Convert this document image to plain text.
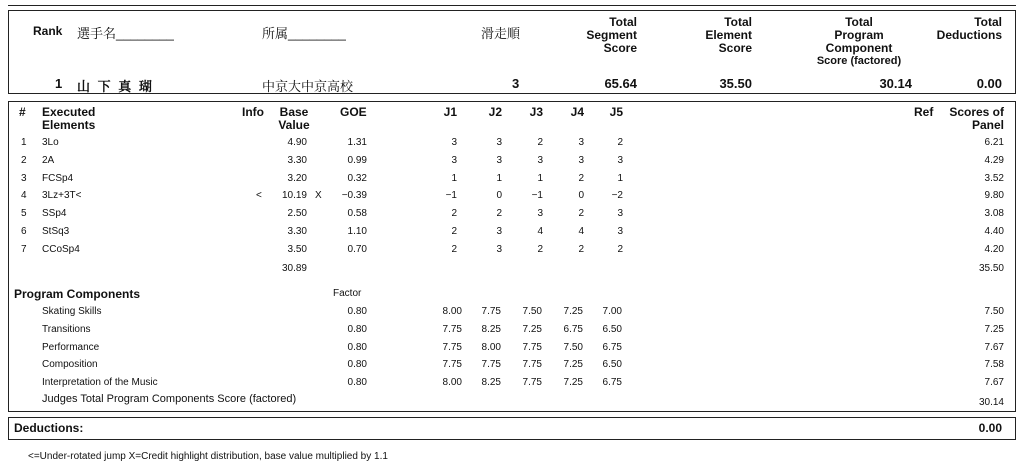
Rank 選手名________	所属________	滑走順
Total
Segment
Score
Total
Element
Score
Total
Program
Component
Score (factored)
Total
Deductions
1 山 下 真 瑚	中京大中京高校	3	65.64	35.50	30.14	0.00
# Executed
Elements
Info	Base
Value
GOE	J1	J2	J3	J4	J5	Ref	Scores of
Panel
1 3Lo	4.90	1.31	3	3	2	3	2	6.21
2 2A	3.30	0.99	3	3	3	3	3	4.29
3 FCSp4	3.20	0.32	1	1	1	2	1	3.52
4 3Lz+3T<	<	10.19 X	−0.39	−1	0	−1	0	−2	9.80
5 SSp4	2.50	0.58	2	2	3	2	3	3.08
6 StSq3	3.30	1.10	2	3	4	4	3	4.40
7 CCoSp4	3.50	0.70	2	3	2	2	2	4.20
30.89	35.50
Program Components	Factor
Skating Skills	0.80	8.00	7.75	7.50	7.25	7.00	7.50
Transitions	0.80	7.75	8.25	7.25	6.75	6.50	7.25
Performance	0.80	7.75	8.00	7.75	7.50	6.75	7.67
Composition	0.80	7.75	7.75	7.75	7.25	6.50	7.58
Interpretation of the Music	0.80	8.00	8.25	7.75	7.25	6.75	7.67
Judges Total Program Components Score (factored)	30.14
Deductions:	0.00
<=Under-rotated jump X=Credit highlight distribution, base value multiplied by 1.1
